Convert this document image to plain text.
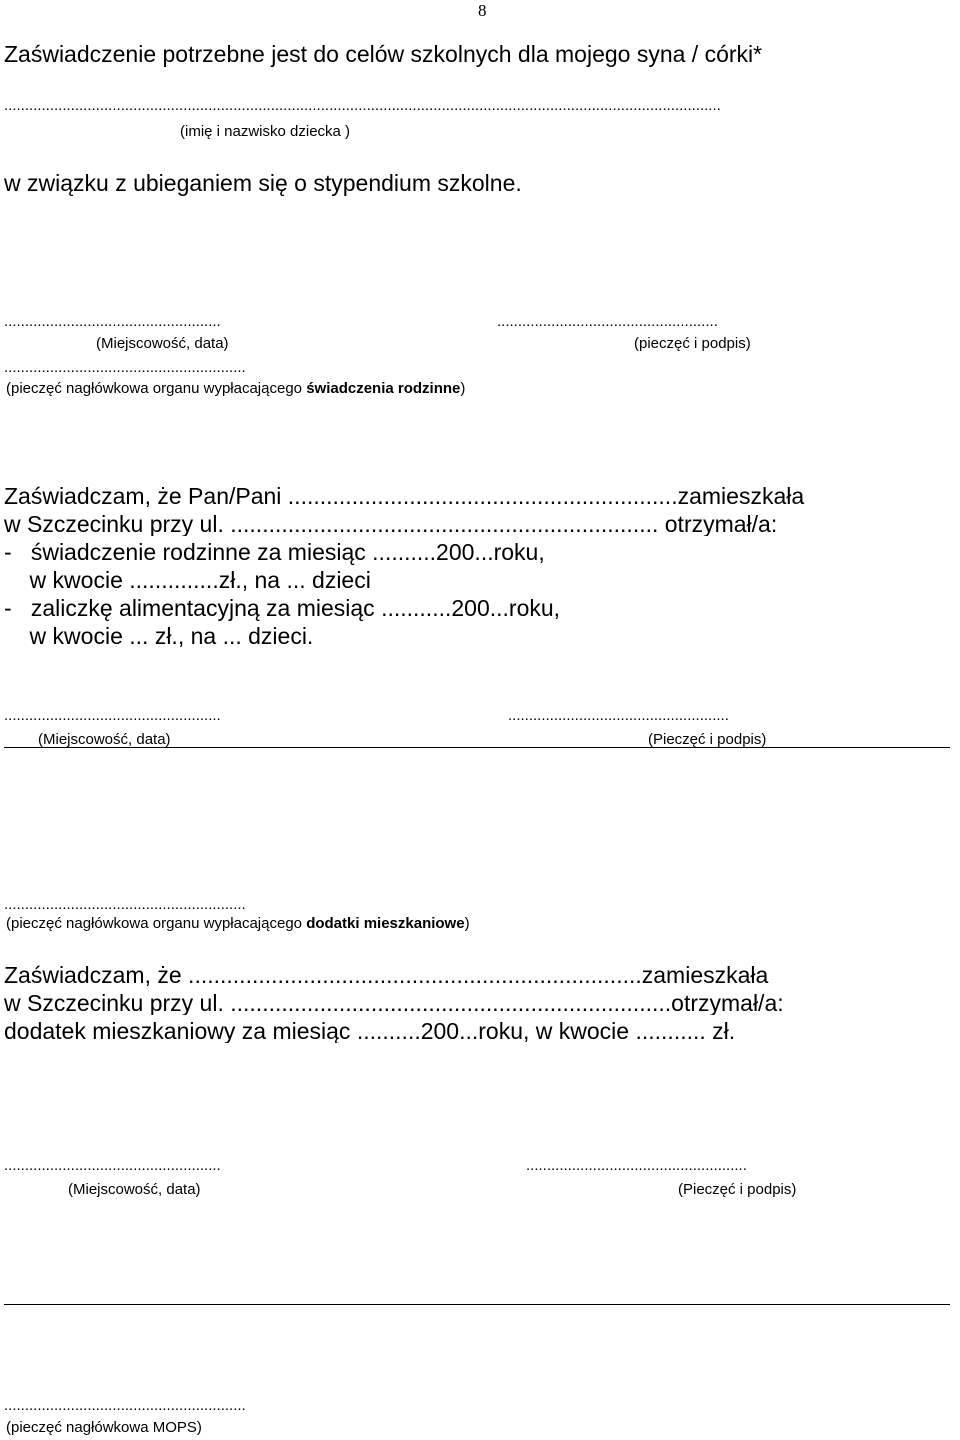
8
Zaświadczenie potrzebne jest do celów szkolnych dla mojego syna / córki*
............................................................................................................................................................................
(imię i nazwisko dziecka )
w związku z ubieganiem się o stypendium szkolne.
....................................................	.....................................................
(Miejscowość, data)	(pieczęć i podpis)
..........................................................
(pieczęć nagłówkowa organu wypłacającego świadczenia rodzinne)
Zaświadczam, że Pan/Pani .............................................................zamieszkała
w Szczecinku przy ul. ................................................................... otrzymał/a:
-   świadczenie rodzinne za miesiąc ..........200...roku,
w kwocie ..............zł., na ... dzieci
-   zaliczkę alimentacyjną za miesiąc ...........200...roku,
w kwocie ... zł., na ... dzieci.
....................................................	.....................................................
(Miejscowość, data)	(Pieczęć i podpis)
..........................................................
(pieczęć nagłówkowa organu wypłacającego dodatki mieszkaniowe)
Zaświadczam, że .......................................................................zamieszkała
w Szczecinku przy ul. .....................................................................otrzymał/a:
dodatek mieszkaniowy za miesiąc ..........200...roku, w kwocie ........... zł.
....................................................	.....................................................
(Miejscowość, data)	(Pieczęć i podpis)
..........................................................
(pieczęć nagłówkowa MOPS)
